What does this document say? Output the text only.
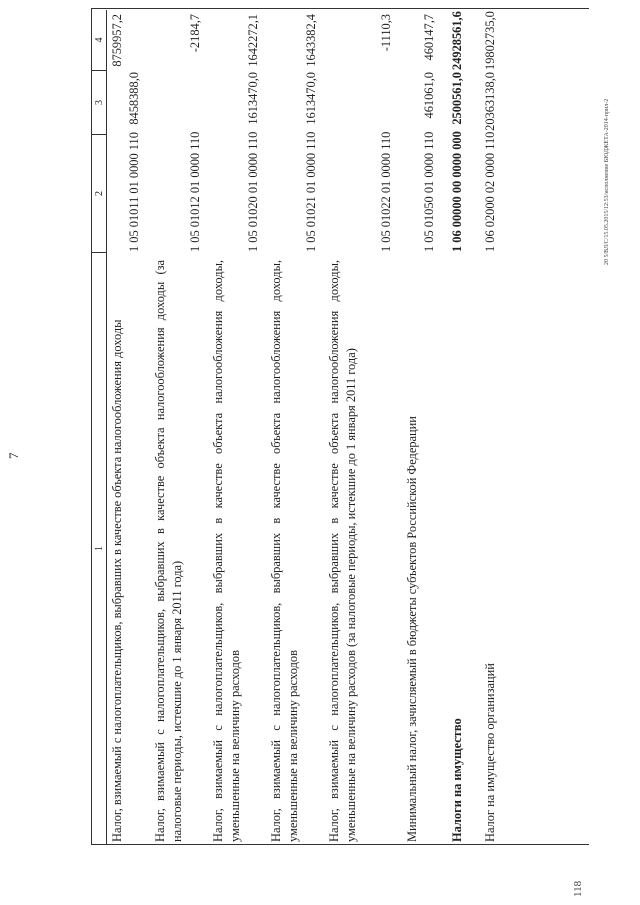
7
1
2
3
4
Налог, взимаемый с налогоплательщиков, выбравших в качестве объекта налогообложения доходы
1 05 01011 01 0000 110
8458388,0
8759957,2
Налог, взимаемый с налогоплательщиков, выбравших в качестве объекта налогообложения доходы (за налоговые периоды, истекшие до 1 января 2011 года)
1 05 01012 01 0000 110
-2184,7
Налог, взимаемый с налогоплательщиков, выбравших в качестве объекта налогообложения доходы, уменьшенные на величину расходов
1 05 01020 01 0000 110
1613470,0
1642272,1
Налог, взимаемый с налогоплательщиков, выбравших в качестве объекта налогообложения доходы, уменьшенные на величину расходов
1 05 01021 01 0000 110
1613470,0
1643382,4
Налог, взимаемый с налогоплательщиков, выбравших в качестве объекта налогообложения доходы, уменьшенные на величину расходов (за налоговые периоды, истекшие до 1 января 2011 года)
1 05 01022 01 0000 110
-1110,3
Минимальный налог, зачисляемый в бюджеты субъектов Российской Федерации
1 05 01050 01 0000 110
461061,0
460147,7
Налоги на имущество
1 06 00000 00 0000 000
2500561,0
24928561,6
Налог на имущество организаций
1 06 02000 02 0000 110
20363138,0
19802735,0
118
20 5/ВЛ/С/15.05.2015/12:53/исполнение БЮДЖЕТА-2014-прил-2
